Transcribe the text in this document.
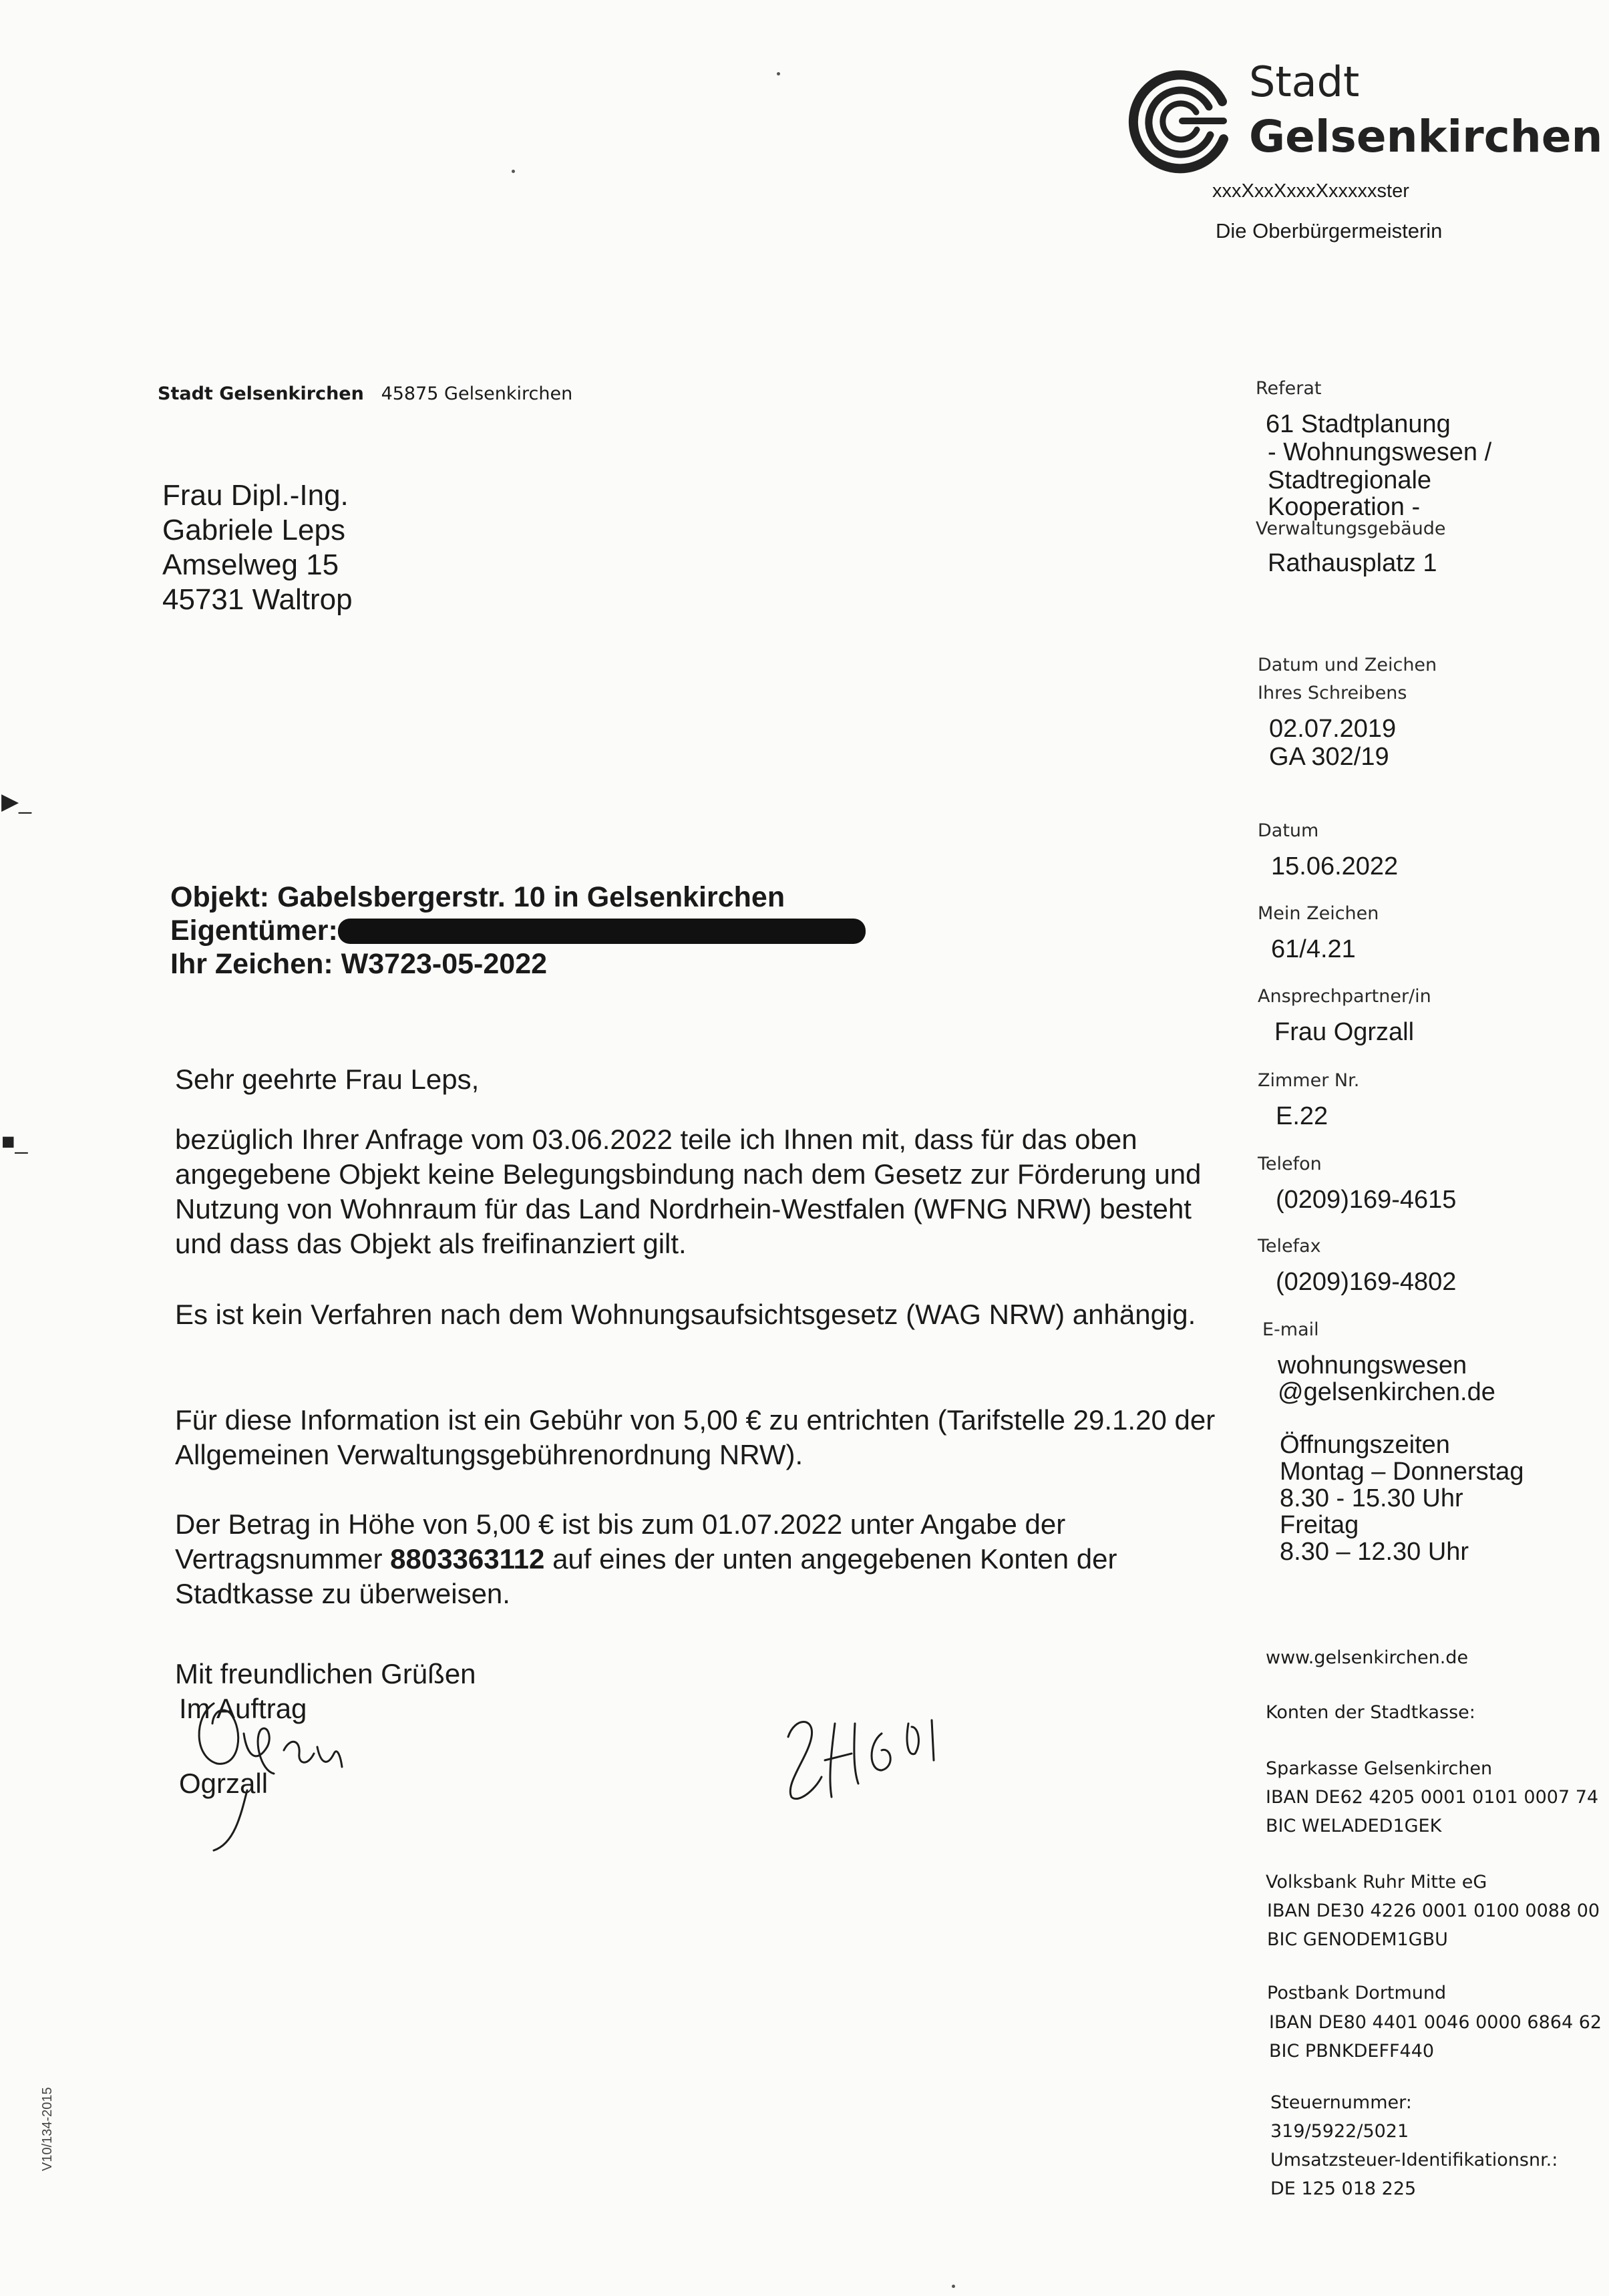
Stadt
Gelsenkirchen
xxxXxxXxxxXxxxxxster
Die Oberbürgermeisterin
Stadt Gelsenkirchen 45875 Gelsenkirchen
Frau Dipl.-Ing.
Gabriele Leps
Amselweg 15
45731 Waltrop
Referat
61 Stadtplanung
- Wohnungswesen /
Stadtregionale
Kooperation -
Verwaltungsgebäude
Rathausplatz 1
Datum und Zeichen
Ihres Schreibens
02.07.2019
GA 302/19
Datum
15.06.2022
Mein Zeichen
61/4.21
Ansprechpartner/in
Frau Ogrzall
Zimmer Nr.
E.22
Telefon
(0209)169-4615
Telefax
(0209)169-4802
E-mail
wohnungswesen
@gelsenkirchen.de
Öffnungszeiten
Montag – Donnerstag
8.30 - 15.30 Uhr
Freitag
8.30 – 12.30 Uhr
www.gelsenkirchen.de
Konten der Stadtkasse:
Sparkasse Gelsenkirchen
IBAN DE62 4205 0001 0101 0007 74
BIC WELADED1GEK
Volksbank Ruhr Mitte eG
IBAN DE30 4226 0001 0100 0088 00
BIC GENODEM1GBU
Postbank Dortmund
IBAN DE80 4401 0046 0000 6864 62
BIC PBNKDEFF440
Steuernummer:
319/5922/5021
Umsatzsteuer-Identifikationsnr.:
DE 125 018 225
Objekt: Gabelsbergerstr. 10 in Gelsenkirchen
Eigentümer:
Ihr Zeichen: W3723-05-2022
Sehr geehrte Frau Leps,
bezüglich Ihrer Anfrage vom 03.06.2022 teile ich Ihnen mit, dass für das oben angegebene Objekt keine Belegungsbindung nach dem Gesetz zur Förderung und Nutzung von Wohnraum für das Land Nordrhein-Westfalen (WFNG NRW) besteht und dass das Objekt als freifinanziert gilt.
Es ist kein Verfahren nach dem Wohnungsaufsichtsgesetz (WAG NRW) anhängig.
Für diese Information ist ein Gebühr von 5,00 € zu entrichten (Tarifstelle 29.1.20 der Allgemeinen Verwaltungsgebührenordnung NRW).
Der Betrag in Höhe von 5,00 € ist bis zum 01.07.2022 unter Angabe der Vertragsnummer 8803363112 auf eines der unten angegebenen Konten der Stadtkasse zu überweisen.
Mit freundlichen Grüßen
Im Auftrag
Ogrzall
▶_
■_
V10/134-2015
